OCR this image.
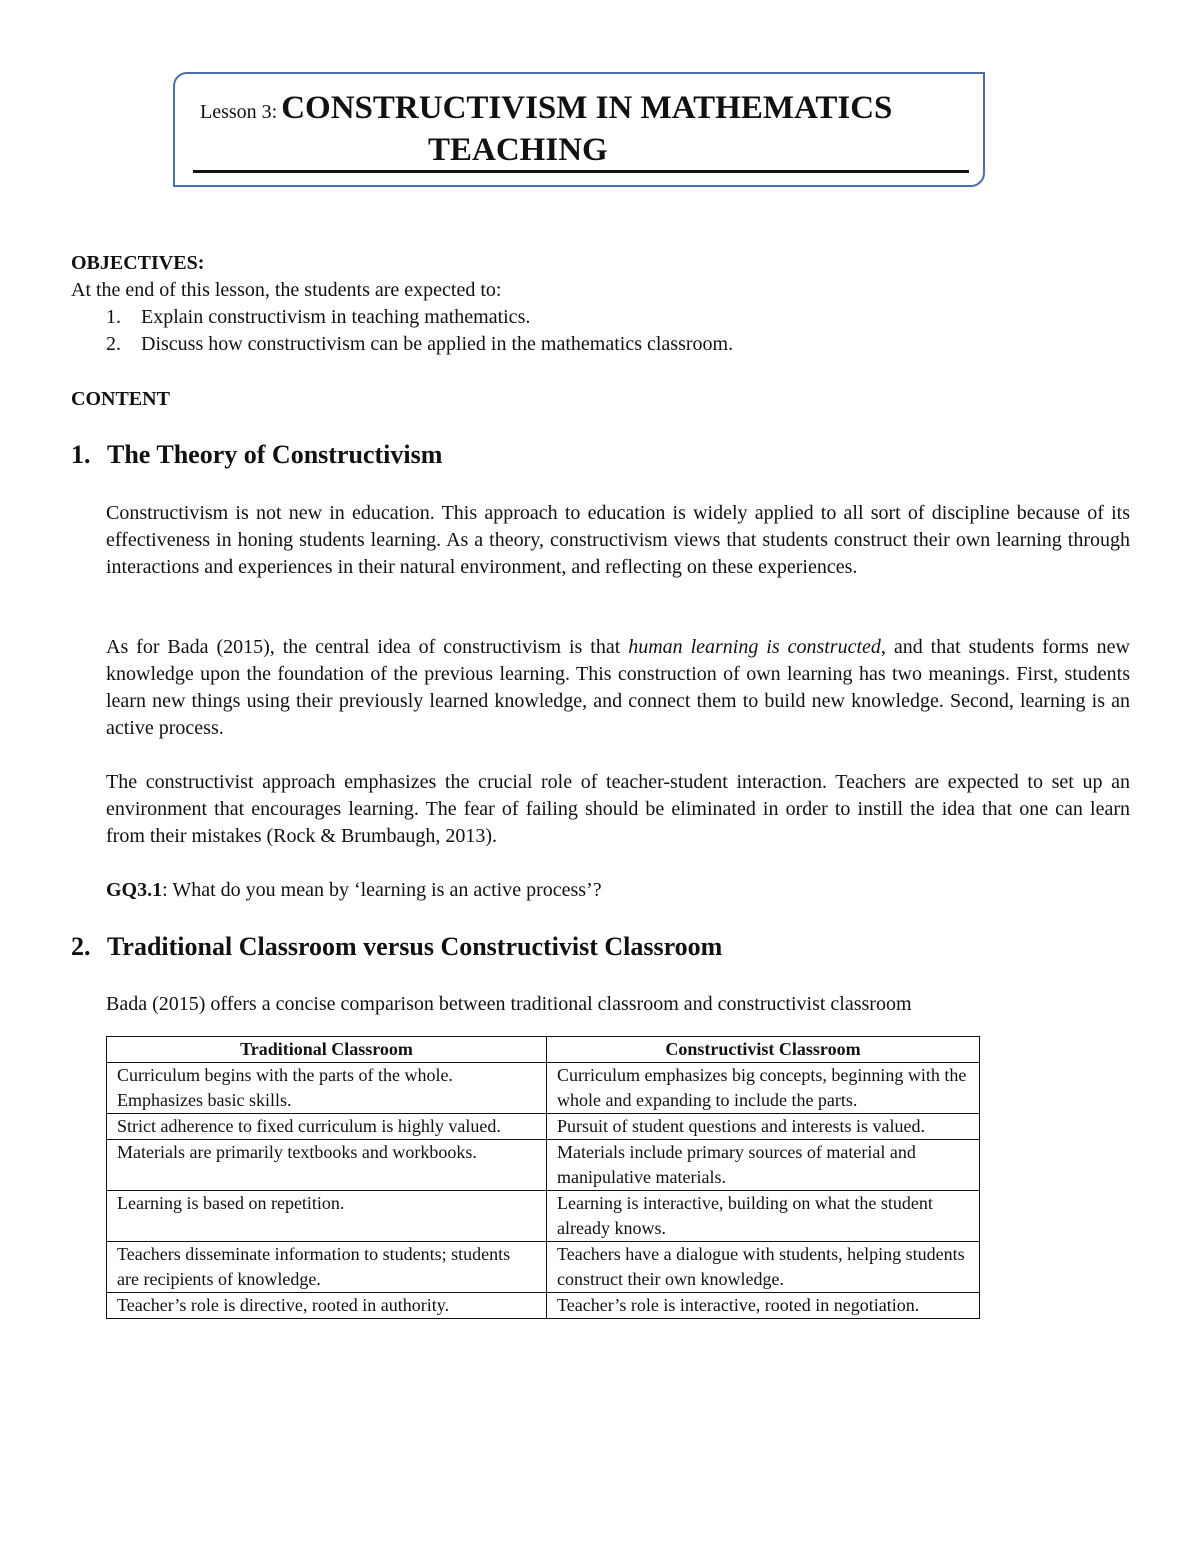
Lesson 3: CONSTRUCTIVISM IN MATHEMATICS
TEACHING
OBJECTIVES:
At the end of this lesson, the students are expected to:
1. Explain constructivism in teaching mathematics.
2. Discuss how constructivism can be applied in the mathematics classroom.
CONTENT
1. The Theory of Constructivism
Constructivism is not new in education. This approach to education is widely applied to all sort of discipline because of its effectiveness in honing students learning. As a theory, constructivism views that students construct their own learning through interactions and experiences in their natural environment, and reflecting on these experiences.
As for Bada (2015), the central idea of constructivism is that human learning is constructed, and that students forms new knowledge upon the foundation of the previous learning. This construction of own learning has two meanings. First, students learn new things using their previously learned knowledge, and connect them to build new knowledge. Second, learning is an active process.
The constructivist approach emphasizes the crucial role of teacher-student interaction. Teachers are expected to set up an environment that encourages learning. The fear of failing should be eliminated in order to instill the idea that one can learn from their mistakes (Rock & Brumbaugh, 2013).
GQ3.1: What do you mean by ‘learning is an active process’?
2. Traditional Classroom versus Constructivist Classroom
Bada (2015) offers a concise comparison between traditional classroom and constructivist classroom
Traditional Classroom	Constructivist Classroom
Curriculum begins with the parts of the whole. Emphasizes basic skills.	Curriculum emphasizes big concepts, beginning with the whole and expanding to include the parts.
Strict adherence to fixed curriculum is highly valued.	Pursuit of student questions and interests is valued.
Materials are primarily textbooks and workbooks.	Materials include primary sources of material and manipulative materials.
Learning is based on repetition.	Learning is interactive, building on what the student already knows.
Teachers disseminate information to students; students are recipients of knowledge.	Teachers have a dialogue with students, helping students construct their own knowledge.
Teacher’s role is directive, rooted in authority.	Teacher’s role is interactive, rooted in negotiation.
